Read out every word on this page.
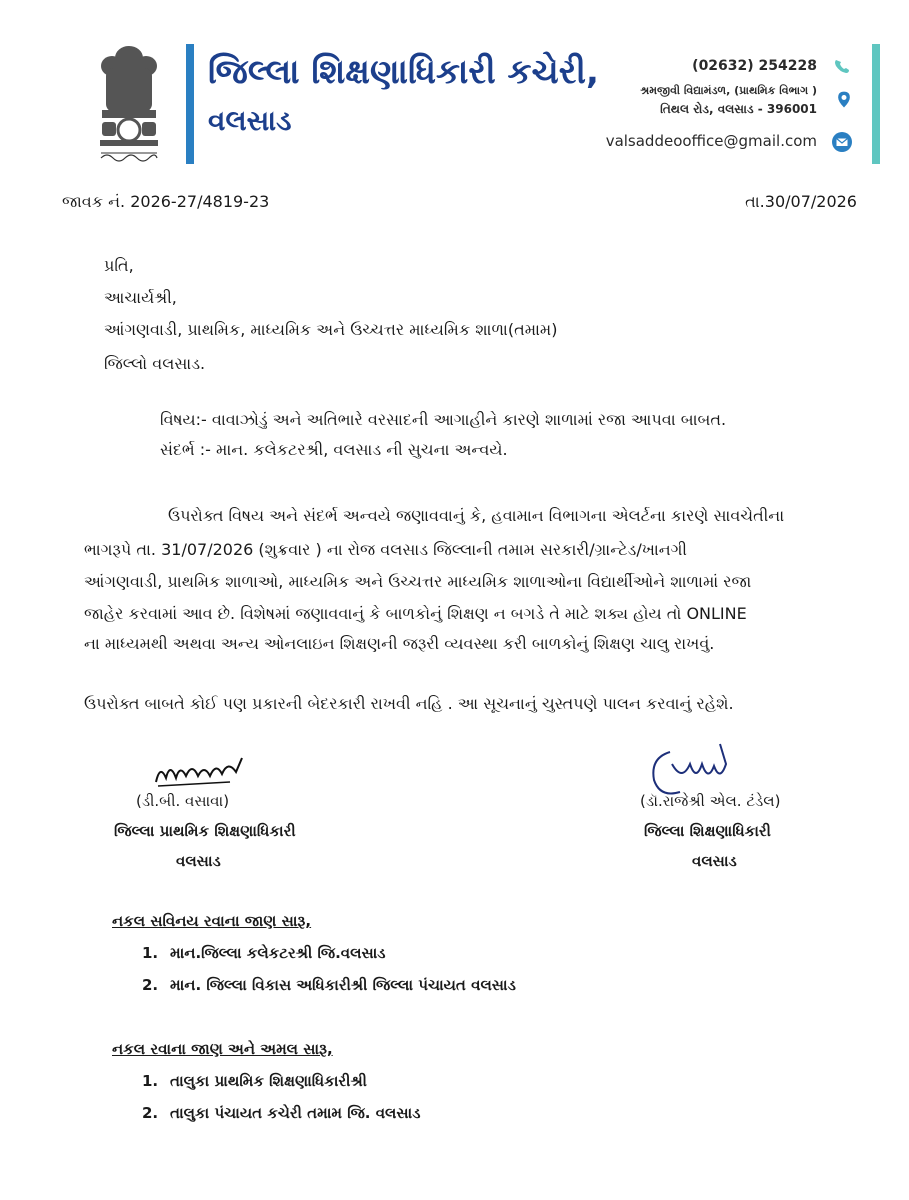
જિલ્લા શિક્ષણાધિકારી કચેરી,
વલસાડ
(02632) 254228
શ્રમજીવી વિદ્યામંડળ, (પ્રાથમિક વિભાગ )
તિથલ રોડ, વલસાડ - 396001
valsaddeooffice@gmail.com
જાવક નં. 2026-27/4819-23	તા.30/07/2026
પ્રતિ,
આચાર્યશ્રી,
આંગણવાડી, પ્રાથમિક, માધ્યમિક અને ઉચ્ચત્તર માધ્યમિક શાળા(તમામ)
જિલ્લો વલસાડ.
વિષય:- વાવાઝોડું અને અતિભારે વરસાદની આગાહીને કારણે શાળામાં રજા આપવા બાબત.
સંદર્ભ :- માન. કલેકટરશ્રી, વલસાડ ની સુચના અન્વયે.
ઉપરોક્ત વિષય અને સંદર્ભ અન્વયે જણાવવાનું કે, હવામાન વિભાગના એલર્ટના કારણે સાવચેતીના
ભાગરૂપે તા. 31/07/2026 (શુક્રવાર ) ના રોજ વલસાડ જિલ્લાની તમામ સરકારી/ગ્રાન્ટેડ/ખાનગી
આંગણવાડી, પ્રાથમિક શાળાઓ, માધ્યમિક અને ઉચ્ચત્તર માધ્યમિક શાળાઓના વિદ્યાર્થીઓને શાળામાં રજા
જાહેર કરવામાં આવ છે. વિશેષમાં જણાવવાનું કે બાળકોનું શિક્ષણ ન બગડે તે માટે શક્ય હોય તો ONLINE
ના માધ્યમથી અથવા અન્ય ઓનલાઇન શિક્ષણની જરૂરી વ્યવસ્થા કરી બાળકોનું શિક્ષણ ચાલુ રાખવું.
ઉપરોક્ત બાબતે કોઈ પણ પ્રકારની બેદરકારી રાખવી નહિ . આ સૂચનાનું ચુસ્તપણે પાલન કરવાનું રહેશે.
(ડી.બી. વસાવા)
જિલ્લા પ્રાથમિક શિક્ષણાધિકારી
વલસાડ
(ડૉ.રાજેશ્રી એલ. ટંડેલ)
જિલ્લા શિક્ષણાધિકારી
વલસાડ
નકલ સવિનય રવાના જાણ સારૂ,
1. માન.જિલ્લા કલેકટરશ્રી જિ.વલસાડ
2. માન. જિલ્લા વિકાસ અધિકારીશ્રી જિલ્લા પંચાયત વલસાડ
નકલ રવાના જાણ અને અમલ સારૂ,
1. તાલુકા પ્રાથમિક શિક્ષણાધિકારીશ્રી
2. તાલુકા પંચાયત કચેરી તમામ જિ. વલસાડ
